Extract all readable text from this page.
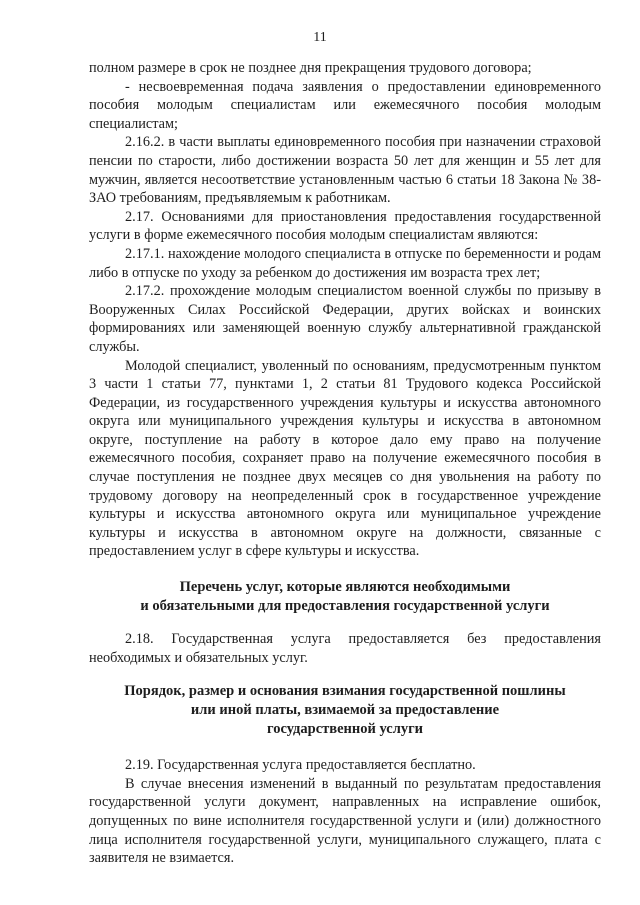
11

полном размере в срок не позднее дня прекращения трудового договора;

- несвоевременная подача заявления о предоставлении единовременного пособия молодым специалистам или ежемесячного пособия молодым специалистам;

2.16.2. в части выплаты единовременного пособия при назначении страховой пенсии по старости, либо достижении возраста 50 лет для женщин и 55 лет для мужчин, является несоответствие установленным частью 6 статьи 18 Закона № 38-ЗАО требованиям, предъявляемым к работникам.

2.17. Основаниями для приостановления предоставления государственной услуги в форме ежемесячного пособия молодым специалистам являются:

2.17.1. нахождение молодого специалиста в отпуске по беременности и родам либо в отпуске по уходу за ребенком до достижения им возраста трех лет;

2.17.2. прохождение молодым специалистом военной службы по призыву в Вооруженных Силах Российской Федерации, других войсках и воинских формированиях или заменяющей военную службу альтернативной гражданской службы.

Молодой специалист, уволенный по основаниям, предусмотренным пунктом 3 части 1 статьи 77, пунктами 1, 2 статьи 81 Трудового кодекса Российской Федерации, из государственного учреждения культуры и искусства автономного округа или муниципального учреждения культуры и искусства в автономном округе, поступление на работу в которое дало ему право на получение ежемесячного пособия, сохраняет право на получение ежемесячного пособия в случае поступления не позднее двух месяцев со дня увольнения на работу по трудовому договору на неопределенный срок в государственное учреждение культуры и искусства автономного округа или муниципальное учреждение культуры и искусства в автономном округе на должности, связанные с предоставлением услуг в сфере культуры и искусства.

Перечень услуг, которые являются необходимыми
и обязательными для предоставления государственной услуги

2.18. Государственная услуга предоставляется без предоставления необходимых и обязательных услуг.

Порядок, размер и основания взимания государственной пошлины
или иной платы, взимаемой за предоставление
государственной услуги

2.19. Государственная услуга предоставляется бесплатно.

В случае внесения изменений в выданный по результатам предоставления государственной услуги документ, направленных на исправление ошибок, допущенных по вине исполнителя государственной услуги и (или) должностного лица исполнителя государственной услуги, муниципального служащего, плата с заявителя не взимается.
